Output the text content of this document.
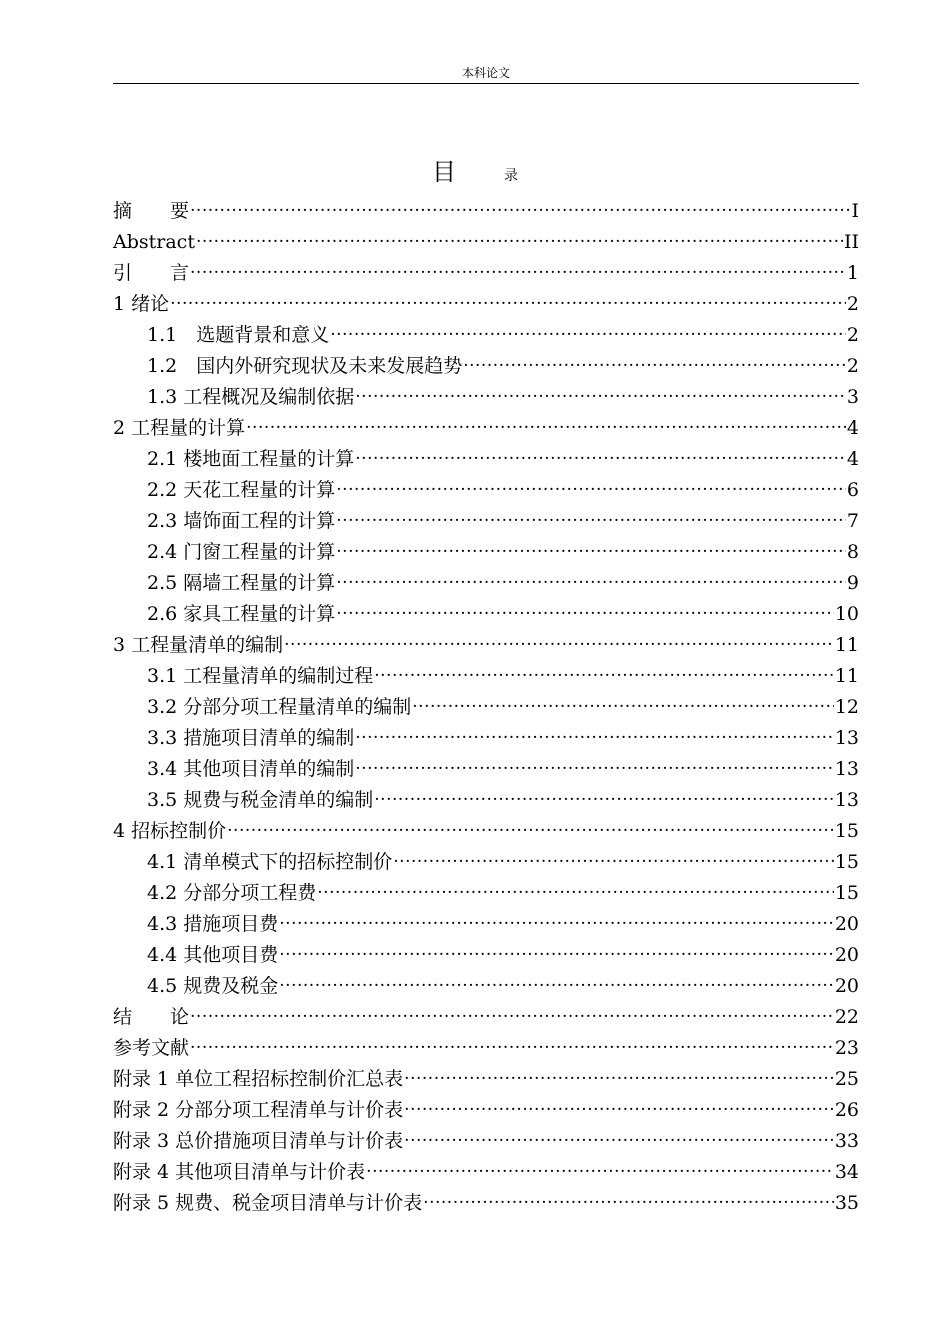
本科论文
目	录
摘　　要 .....	I
Abstract .....	II
引　　言 .....	1
1 绪论 .....	2
1.1　选题背景和意义 .....	2
1.2　国内外研究现状及未来发展趋势 .....	2
1.3 工程概况及编制依据 .....	3
2 工程量的计算 .....	4
2.1 楼地面工程量的计算 .....	4
2.2 天花工程量的计算 .....	6
2.3 墙饰面工程的计算 .....	7
2.4 门窗工程量的计算 .....	8
2.5 隔墙工程量的计算 .....	9
2.6 家具工程量的计算 .....	10
3 工程量清单的编制 .....	11
3.1 工程量清单的编制过程 .....	11
3.2 分部分项工程量清单的编制 .....	12
3.3 措施项目清单的编制 .....	13
3.4 其他项目清单的编制 .....	13
3.5 规费与税金清单的编制 .....	13
4 招标控制价 .....	15
4.1 清单模式下的招标控制价 .....	15
4.2 分部分项工程费 .....	15
4.3 措施项目费 .....	20
4.4 其他项目费 .....	20
4.5 规费及税金 .....	20
结　　论 .....	22
参考文献 .....	23
附录 1 单位工程招标控制价汇总表 .....	25
附录 2 分部分项工程清单与计价表 .....	26
附录 3 总价措施项目清单与计价表 .....	33
附录 4 其他项目清单与计价表 .....	34
附录 5 规费、税金项目清单与计价表 .....	35
